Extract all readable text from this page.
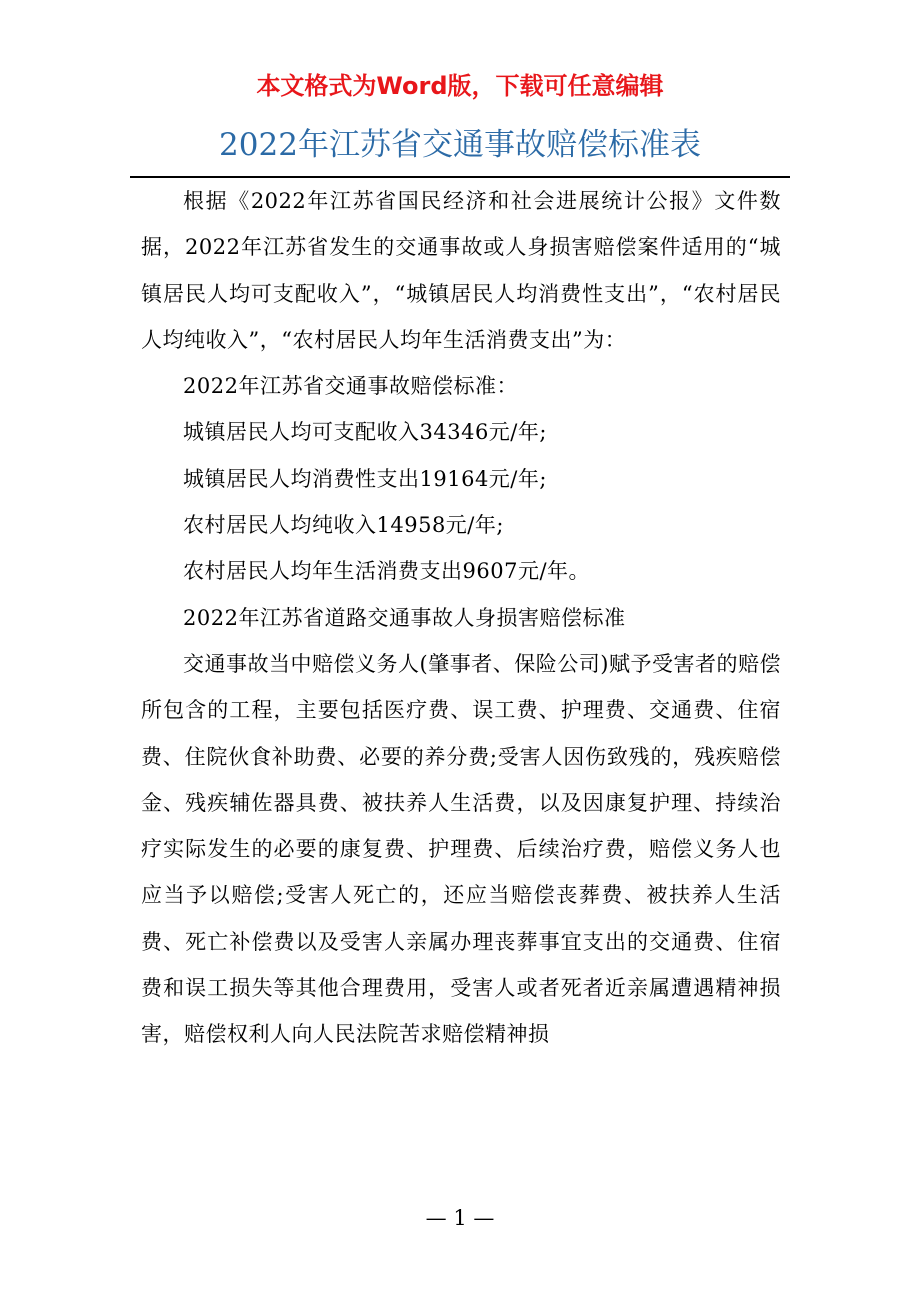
本文格式为Word版，下载可任意编辑
2022年江苏省交通事故赔偿标准表

根据《2022年江苏省国民经济和社会进展统计公报》文件数据，2022年江苏省发生的交通事故或人身损害赔偿案件适用的“城镇居民人均可支配收入”，“城镇居民人均消费性支出”，“农村居民人均纯收入”，“农村居民人均年生活消费支出”为：

2022年江苏省交通事故赔偿标准：

城镇居民人均可支配收入34346元/年;

城镇居民人均消费性支出19164元/年;

农村居民人均纯收入14958元/年;

农村居民人均年生活消费支出9607元/年。

2022年江苏省道路交通事故人身损害赔偿标准

交通事故当中赔偿义务人(肇事者、保险公司)赋予受害者的赔偿所包含的工程，主要包括医疗费、误工费、护理费、交通费、住宿费、住院伙食补助费、必要的养分费;受害人因伤致残的，残疾赔偿金、残疾辅佐器具费、被扶养人生活费，以及因康复护理、持续治疗实际发生的必要的康复费、护理费、后续治疗费，赔偿义务人也应当予以赔偿;受害人死亡的，还应当赔偿丧葬费、被扶养人生活费、死亡补偿费以及受害人亲属办理丧葬事宜支出的交通费、住宿费和误工损失等其他合理费用，受害人或者死者近亲属遭遇精神损害，赔偿权利人向人民法院苦求赔偿精神损

— 1 —
